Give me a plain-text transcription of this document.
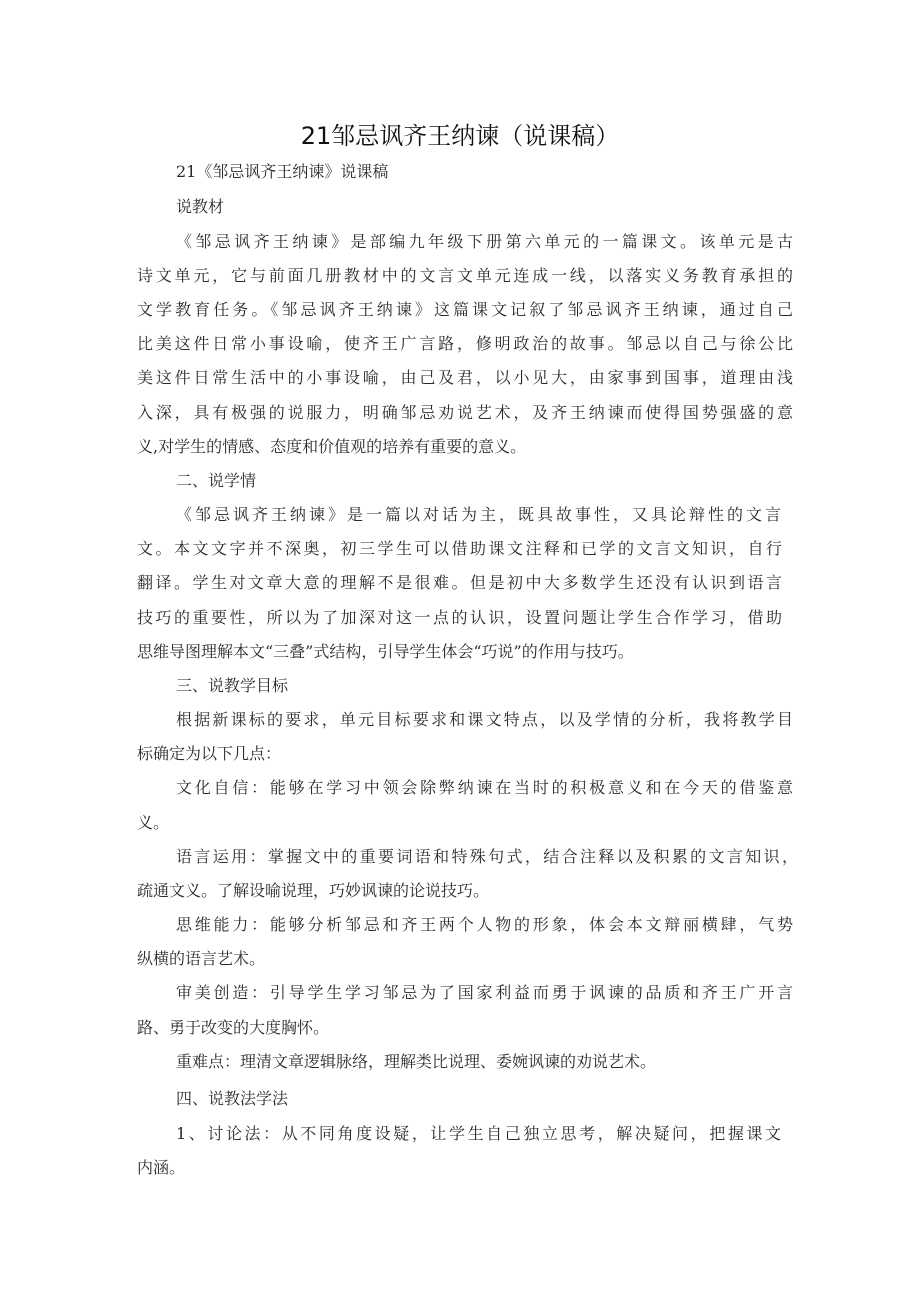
21邹忌讽齐王纳谏（说课稿）
21《邹忌讽齐王纳谏》说课稿
说教材
《邹忌讽齐王纳谏》是部编九年级下册第六单元的一篇课文。该单元是古
诗文单元，它与前面几册教材中的文言文单元连成一线，以落实义务教育承担的
文学教育任务。《邹忌讽齐王纳谏》这篇课文记叙了邹忌讽齐王纳谏，通过自己
比美这件日常小事设喻，使齐王广言路，修明政治的故事。邹忌以自己与徐公比
美这件日常生活中的小事设喻，由己及君，以小见大，由家事到国事，道理由浅
入深，具有极强的说服力，明确邹忌劝说艺术，及齐王纳谏而使得国势强盛的意
义,对学生的情感、态度和价值观的培养有重要的意义。
二、说学情
《邹忌讽齐王纳谏》是一篇以对话为主，既具故事性，又具论辩性的文言
文。本文文字并不深奥，初三学生可以借助课文注释和已学的文言文知识，自行
翻译。学生对文章大意的理解不是很难。但是初中大多数学生还没有认识到语言
技巧的重要性，所以为了加深对这一点的认识，设置问题让学生合作学习，借助
思维导图理解本文“三叠”式结构，引导学生体会“巧说”的作用与技巧。
三、说教学目标
根据新课标的要求，单元目标要求和课文特点，以及学情的分析，我将教学目
标确定为以下几点：
文化自信：能够在学习中领会除弊纳谏在当时的积极意义和在今天的借鉴意
义。
语言运用：掌握文中的重要词语和特殊句式，结合注释以及积累的文言知识，
疏通文义。了解设喻说理，巧妙讽谏的论说技巧。
思维能力：能够分析邹忌和齐王两个人物的形象，体会本文辩丽横肆，气势
纵横的语言艺术。
审美创造：引导学生学习邹忌为了国家利益而勇于讽谏的品质和齐王广开言
路、勇于改变的大度胸怀。
重难点：理清文章逻辑脉络，理解类比说理、委婉讽谏的劝说艺术。
四、说教法学法
1、讨论法：从不同角度设疑，让学生自己独立思考，解决疑问，把握课文
内涵。
